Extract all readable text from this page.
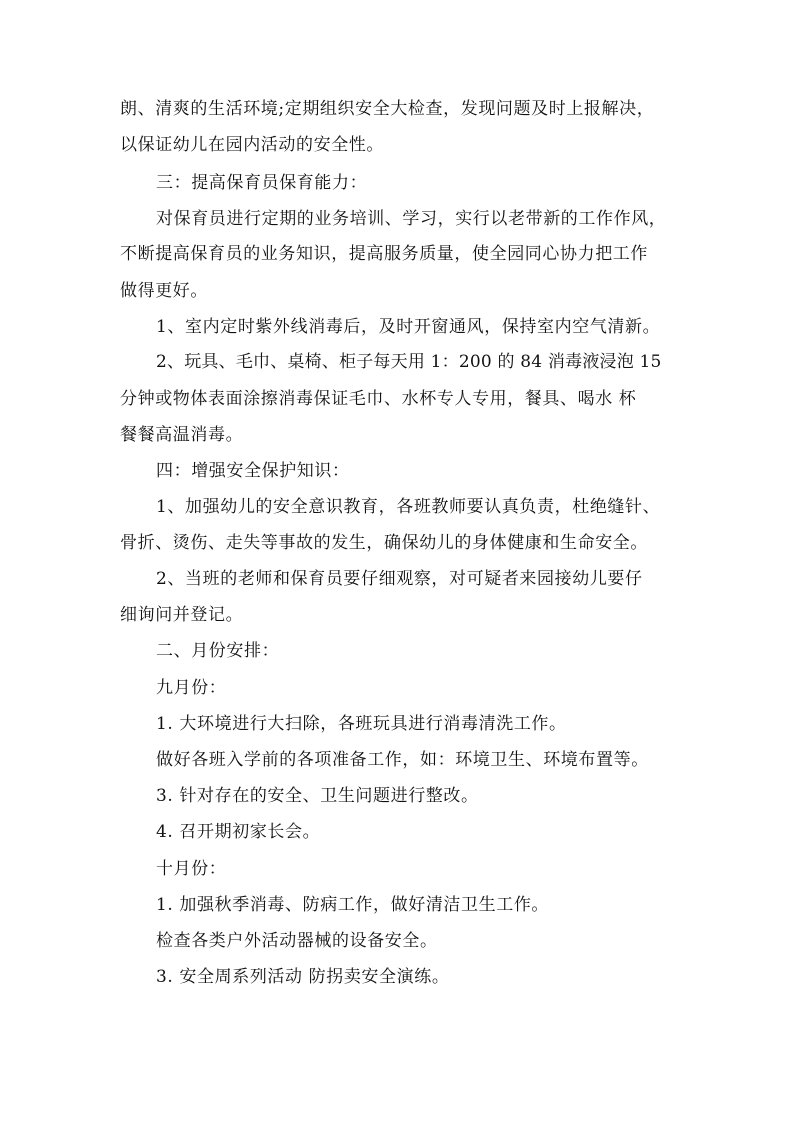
朗、清爽的生活环境;定期组织安全大检查，发现问题及时上报解决，
以保证幼儿在园内活动的安全性。
三：提高保育员保育能力：
对保育员进行定期的业务培训、学习，实行以老带新的工作作风，
不断提高保育员的业务知识，提高服务质量，使全园同心协力把工作
做得更好。
1、室内定时紫外线消毒后，及时开窗通风，保持室内空气清新。
2、玩具、毛巾、桌椅、柜子每天用 1：200 的 84 消毒液浸泡 15
分钟或物体表面涂擦消毒保证毛巾、水杯专人专用，餐具、喝水 杯
餐餐高温消毒。
四：增强安全保护知识：
1、加强幼儿的安全意识教育，各班教师要认真负责，杜绝缝针、
骨折、烫伤、走失等事故的发生，确保幼儿的身体健康和生命安全。
2、当班的老师和保育员要仔细观察，对可疑者来园接幼儿要仔
细询问并登记。
二、月份安排：
九月份：
1. 大环境进行大扫除，各班玩具进行消毒清洗工作。
做好各班入学前的各项准备工作，如：环境卫生、环境布置等。
3. 针对存在的安全、卫生问题进行整改。
4. 召开期初家长会。
十月份：
1. 加强秋季消毒、防病工作，做好清洁卫生工作。
检查各类户外活动器械的设备安全。
3. 安全周系列活动 防拐卖安全演练。
